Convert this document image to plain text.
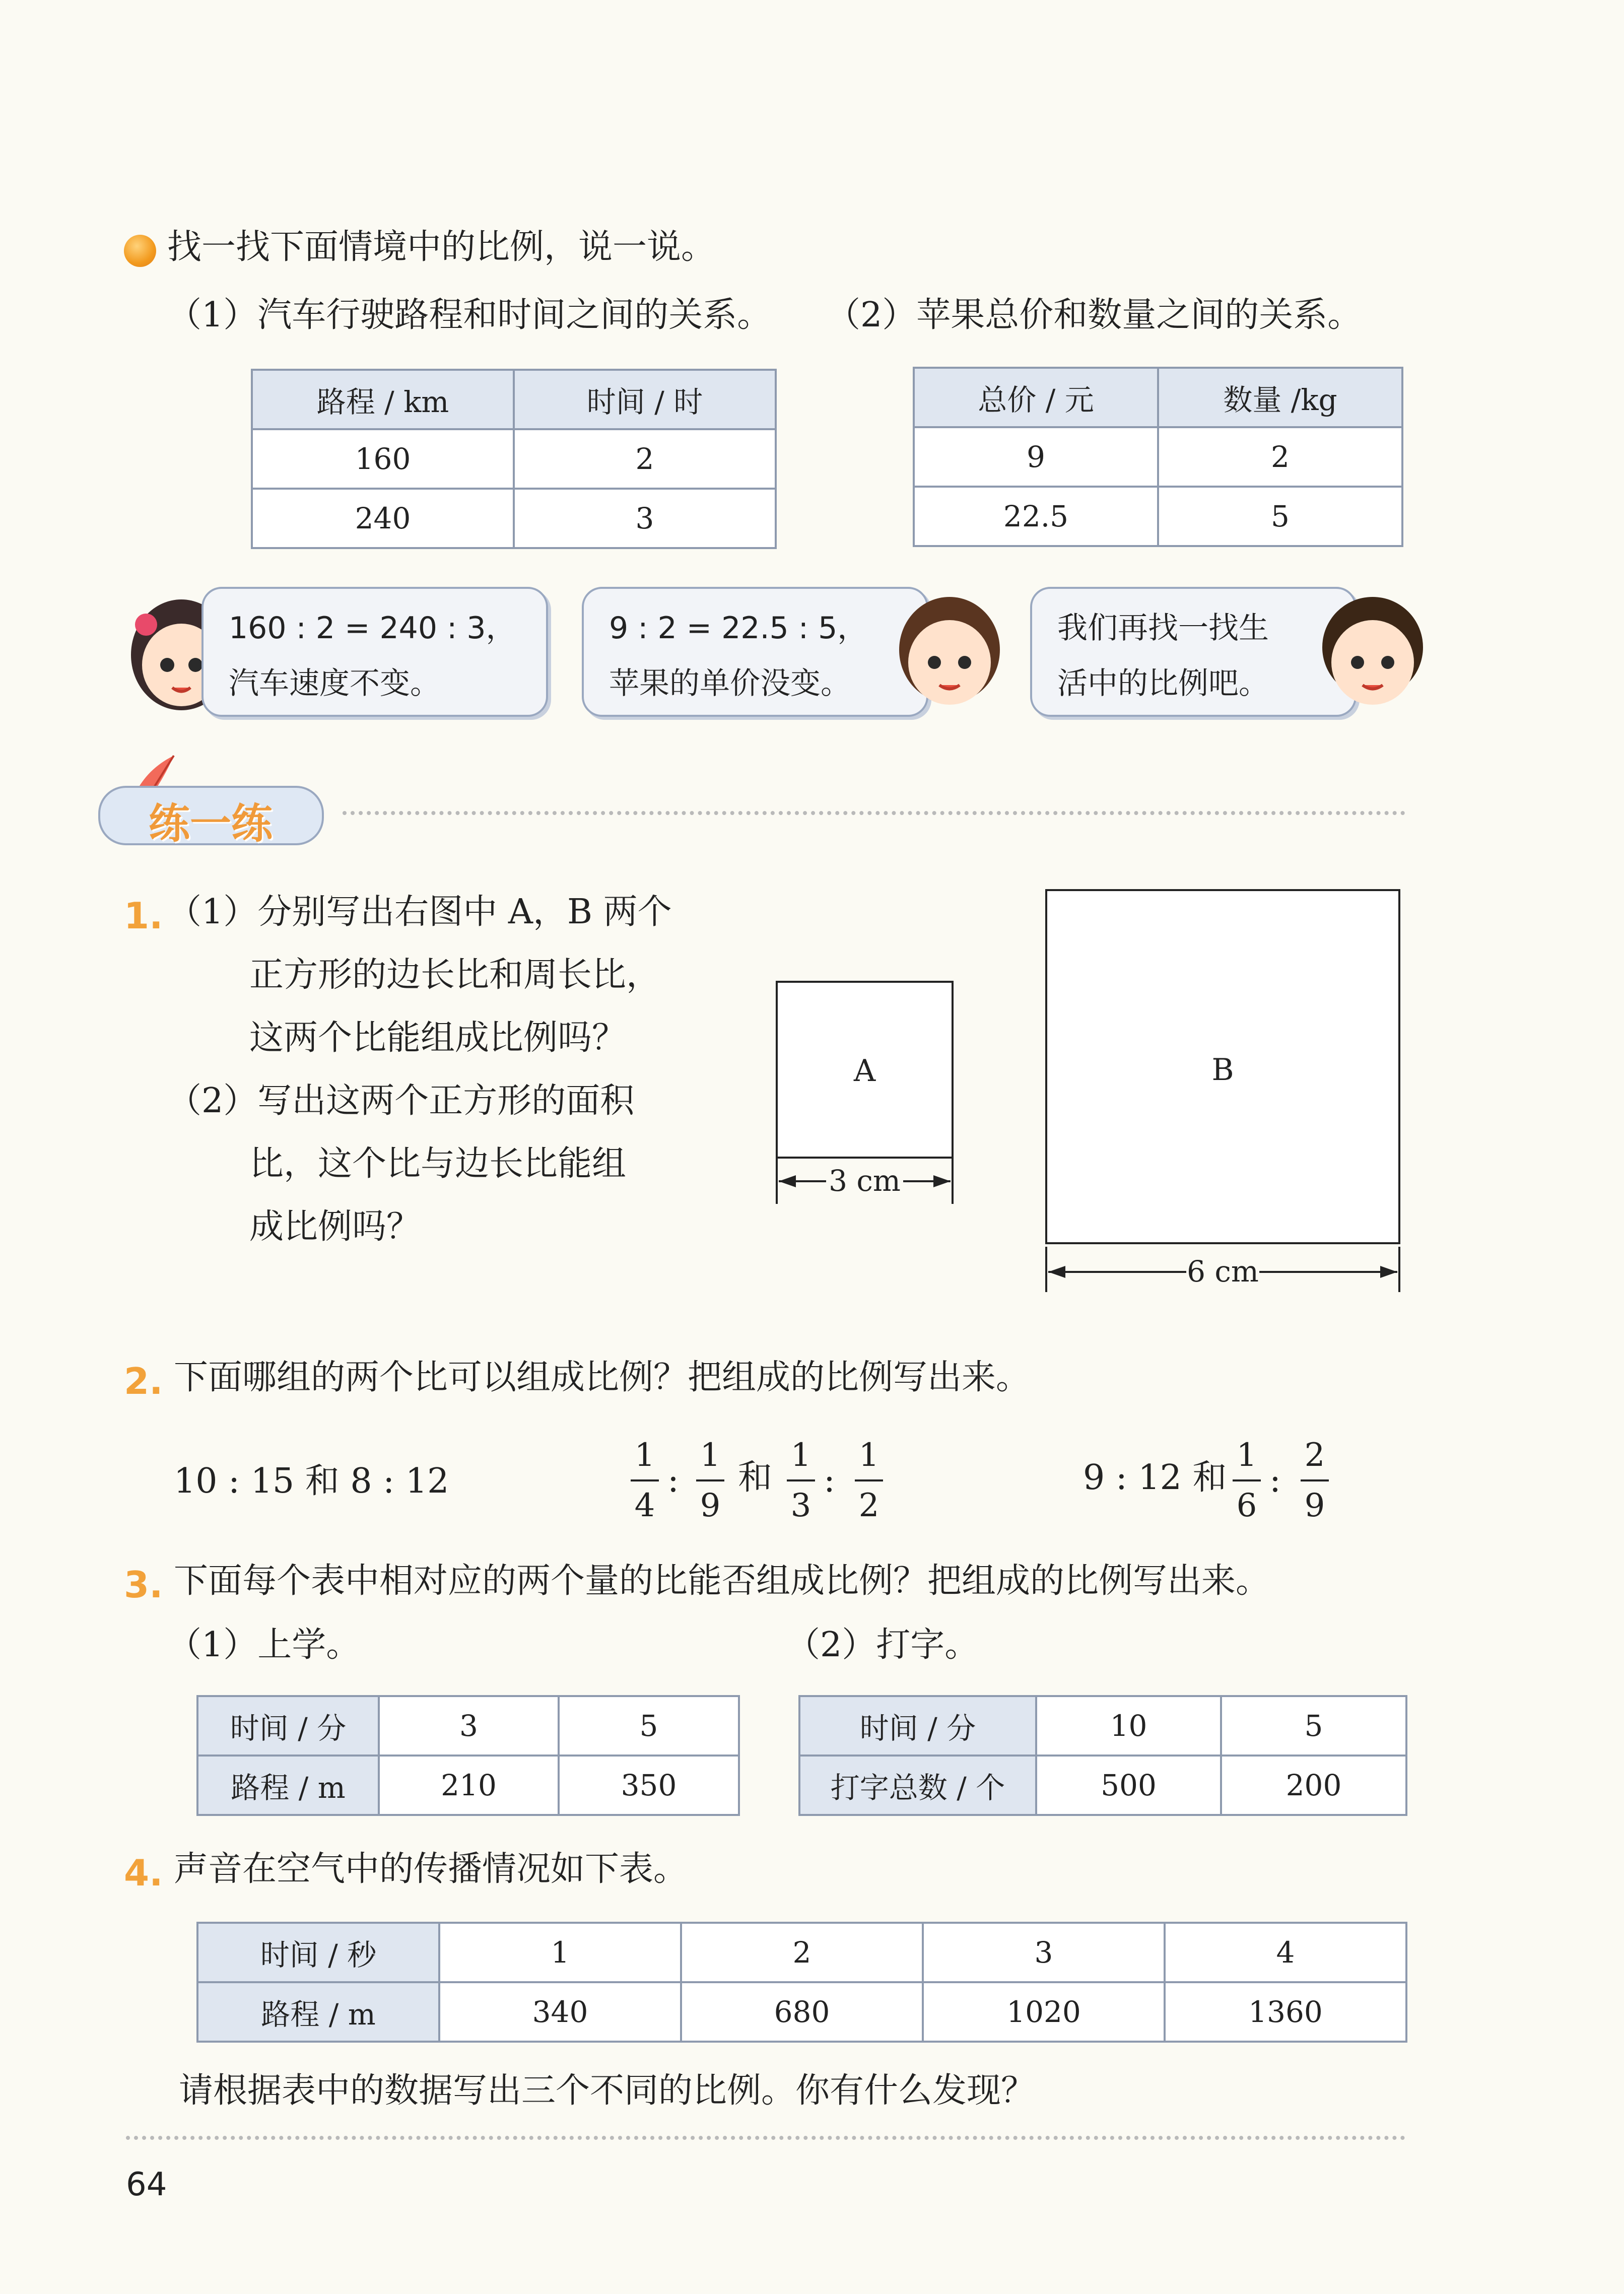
找一找下面情境中的比例，说一说。
（1）汽车行驶路程和时间之间的关系。 （2）苹果总价和数量之间的关系。
路程 / km	时间 / 时
160	2
240	3
总价 / 元	数量 /kg
9	2
22.5	5
160 : 2 = 240 : 3，
汽车速度不变。
9 : 2 = 22.5 : 5，
苹果的单价没变。
我们再找一找生
活中的比例吧。
练一练
1. （1）分别写出右图中 A，B 两个
正方形的边长比和周长比，
这两个比能组成比例吗？
（2）写出这两个正方形的面积
比，这个比与边长比能组
成比例吗？
A
3 cm
B
6 cm
2. 下面哪组的两个比可以组成比例？把组成的比例写出来。
10 : 15 和 8 : 12
1
4
:
1
9
和
1
3
:
1
2
9 : 12 和
1
6
:
2
9
3. 下面每个表中相对应的两个量的比能否组成比例？把组成的比例写出来。
（1）上学。	（2）打字。
时间 / 分	3	5
路程 / m	210	350
时间 / 分	10	5
打字总数 / 个	500	200
4. 声音在空气中的传播情况如下表。
时间 / 秒	1	2	3	4
路程 / m	340	680	1020	1360
请根据表中的数据写出三个不同的比例。你有什么发现？
64
